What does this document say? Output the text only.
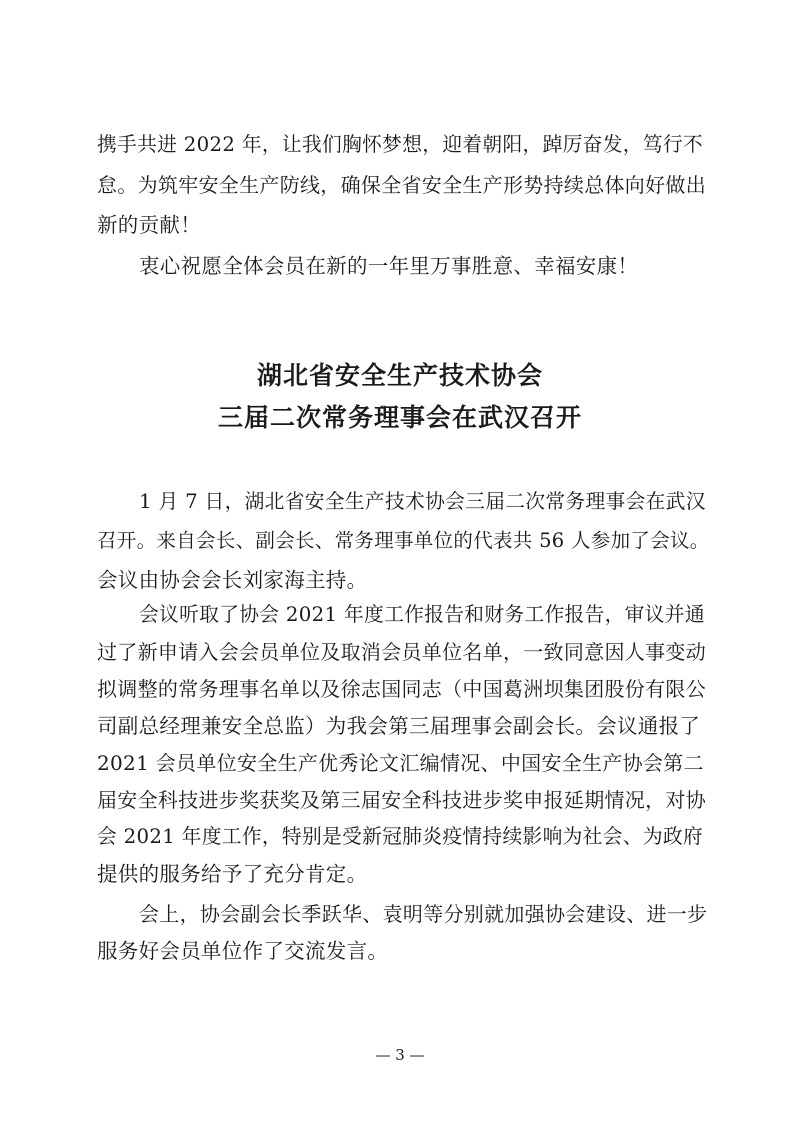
携手共进 2022 年，让我们胸怀梦想，迎着朝阳，踔厉奋发，笃行不
怠。为筑牢安全生产防线，确保全省安全生产形势持续总体向好做出
新的贡献！
衷心祝愿全体会员在新的一年里万事胜意、幸福安康！
湖北省安全生产技术协会
三届二次常务理事会在武汉召开
1 月 7 日，湖北省安全生产技术协会三届二次常务理事会在武汉
召开。来自会长、副会长、常务理事单位的代表共 56 人参加了会议。
会议由协会会长刘家海主持。
会议听取了协会 2021 年度工作报告和财务工作报告，审议并通
过了新申请入会会员单位及取消会员单位名单，一致同意因人事变动
拟调整的常务理事名单以及徐志国同志（中国葛洲坝集团股份有限公
司副总经理兼安全总监）为我会第三届理事会副会长。会议通报了
2021 会员单位安全生产优秀论文汇编情况、中国安全生产协会第二
届安全科技进步奖获奖及第三届安全科技进步奖申报延期情况，对协
会 2021 年度工作，特别是受新冠肺炎疫情持续影响为社会、为政府
提供的服务给予了充分肯定。
会上，协会副会长季跃华、袁明等分别就加强协会建设、进一步
服务好会员单位作了交流发言。
— 3 —
